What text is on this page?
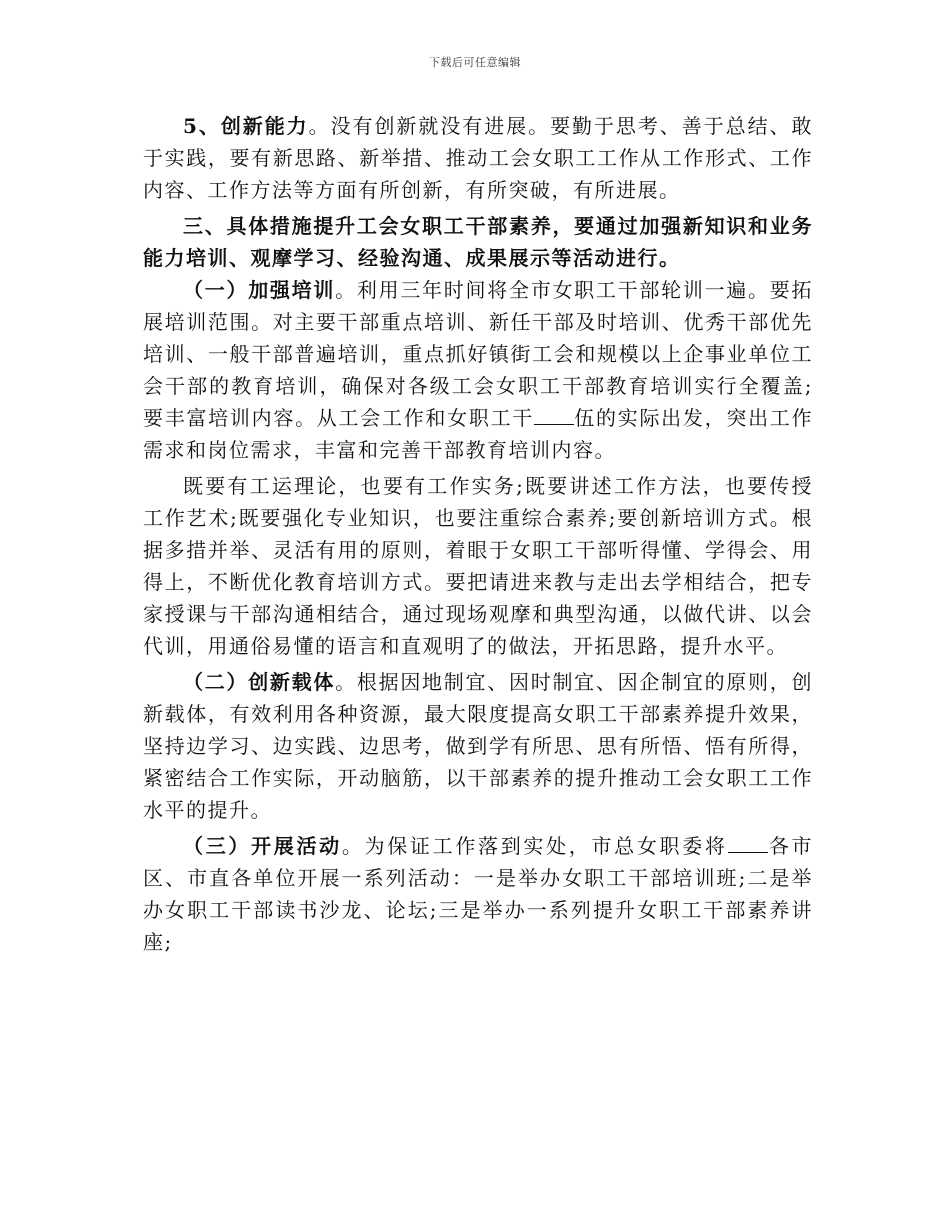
下载后可任意编辑

5、创新能力。没有创新就没有进展。要勤于思考、善于总结、敢于实践，要有新思路、新举措、推动工会女职工工作从工作形式、工作内容、工作方法等方面有所创新，有所突破，有所进展。

三、具体措施提升工会女职工干部素养，要通过加强新知识和业务能力培训、观摩学习、经验沟通、成果展示等活动进行。

（一）加强培训。利用三年时间将全市女职工干部轮训一遍。要拓展培训范围。对主要干部重点培训、新任干部及时培训、优秀干部优先培训、一般干部普遍培训，重点抓好镇街工会和规模以上企事业单位工会干部的教育培训，确保对各级工会女职工干部教育培训实行全覆盖;要丰富培训内容。从工会工作和女职工干 伍的实际出发，突出工作需求和岗位需求，丰富和完善干部教育培训内容。

既要有工运理论，也要有工作实务;既要讲述工作方法，也要传授工作艺术;既要强化专业知识，也要注重综合素养;要创新培训方式。根据多措并举、灵活有用的原则，着眼于女职工干部听得懂、学得会、用得上，不断优化教育培训方式。要把请进来教与走出去学相结合，把专家授课与干部沟通相结合，通过现场观摩和典型沟通，以做代讲、以会代训，用通俗易懂的语言和直观明了的做法，开拓思路，提升水平。

（二）创新载体。根据因地制宜、因时制宜、因企制宜的原则，创新载体，有效利用各种资源，最大限度提高女职工干部素养提升效果，坚持边学习、边实践、边思考，做到学有所思、思有所悟、悟有所得，紧密结合工作实际，开动脑筋，以干部素养的提升推动工会女职工工作水平的提升。

（三）开展活动。为保证工作落到实处，市总女职委将 各市区、市直各单位开展一系列活动：一是举办女职工干部培训班;二是举办女职工干部读书沙龙、论坛;三是举办一系列提升女职工干部素养讲座;
